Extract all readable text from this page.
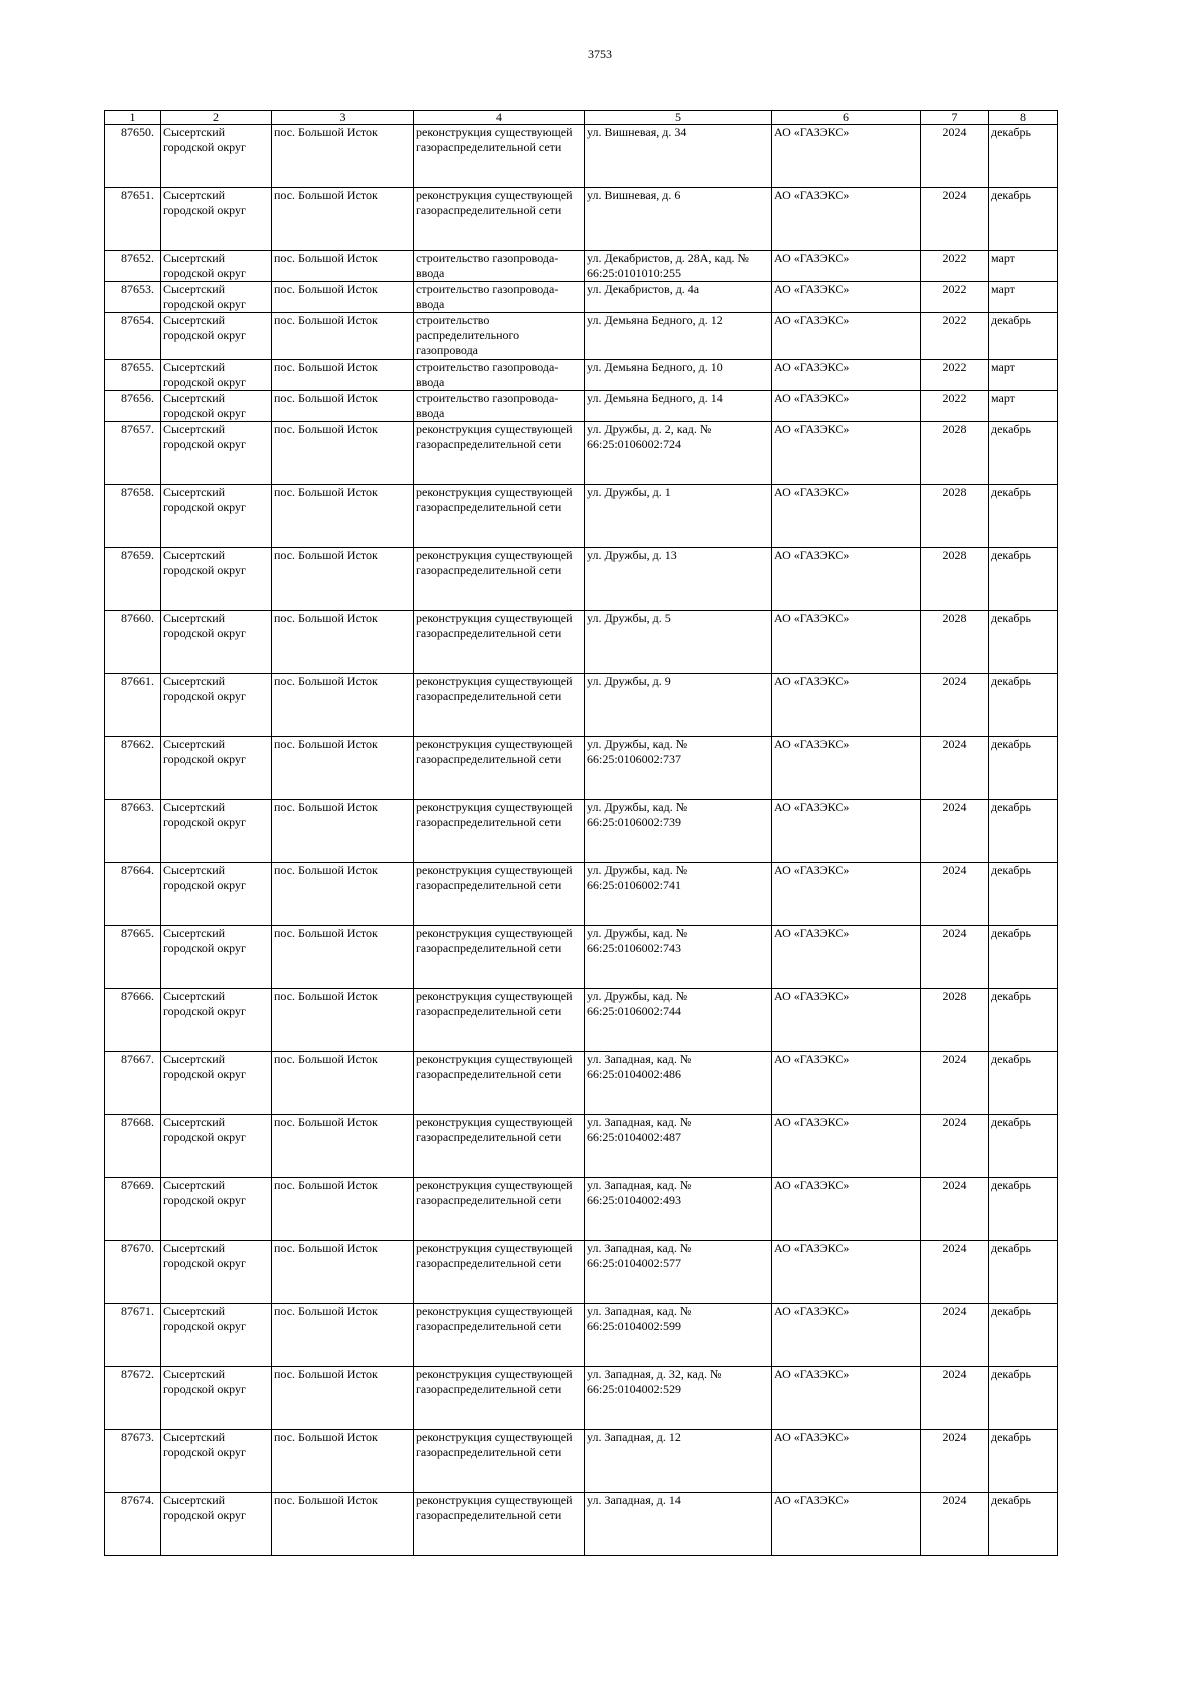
3753
1	2	3	4	5	6	7	8
87650.	Сысертский городской округ	пос. Большой Исток	реконструкция существующей газораспределительной сети	ул. Вишневая, д. 34	АО «ГАЗЭКС»	2024	декабрь
87651.	Сысертский городской округ	пос. Большой Исток	реконструкция существующей газораспределительной сети	ул. Вишневая, д. 6	АО «ГАЗЭКС»	2024	декабрь
87652.	Сысертский городской округ	пос. Большой Исток	строительство газопровода-ввода	ул. Декабристов, д. 28А, кад. № 66:25:0101010:255	АО «ГАЗЭКС»	2022	март
87653.	Сысертский городской округ	пос. Большой Исток	строительство газопровода-ввода	ул. Декабристов, д. 4а	АО «ГАЗЭКС»	2022	март
87654.	Сысертский городской округ	пос. Большой Исток	строительство распределительного газопровода	ул. Демьяна Бедного, д. 12	АО «ГАЗЭКС»	2022	декабрь
87655.	Сысертский городской округ	пос. Большой Исток	строительство газопровода-ввода	ул. Демьяна Бедного, д. 10	АО «ГАЗЭКС»	2022	март
87656.	Сысертский городской округ	пос. Большой Исток	строительство газопровода-ввода	ул. Демьяна Бедного, д. 14	АО «ГАЗЭКС»	2022	март
87657.	Сысертский городской округ	пос. Большой Исток	реконструкция существующей газораспределительной сети	ул. Дружбы, д. 2, кад. № 66:25:0106002:724	АО «ГАЗЭКС»	2028	декабрь
87658.	Сысертский городской округ	пос. Большой Исток	реконструкция существующей газораспределительной сети	ул. Дружбы, д. 1	АО «ГАЗЭКС»	2028	декабрь
87659.	Сысертский городской округ	пос. Большой Исток	реконструкция существующей газораспределительной сети	ул. Дружбы, д. 13	АО «ГАЗЭКС»	2028	декабрь
87660.	Сысертский городской округ	пос. Большой Исток	реконструкция существующей газораспределительной сети	ул. Дружбы, д. 5	АО «ГАЗЭКС»	2028	декабрь
87661.	Сысертский городской округ	пос. Большой Исток	реконструкция существующей газораспределительной сети	ул. Дружбы, д. 9	АО «ГАЗЭКС»	2024	декабрь
87662.	Сысертский городской округ	пос. Большой Исток	реконструкция существующей газораспределительной сети	ул. Дружбы, кад. № 66:25:0106002:737	АО «ГАЗЭКС»	2024	декабрь
87663.	Сысертский городской округ	пос. Большой Исток	реконструкция существующей газораспределительной сети	ул. Дружбы, кад. № 66:25:0106002:739	АО «ГАЗЭКС»	2024	декабрь
87664.	Сысертский городской округ	пос. Большой Исток	реконструкция существующей газораспределительной сети	ул. Дружбы, кад. № 66:25:0106002:741	АО «ГАЗЭКС»	2024	декабрь
87665.	Сысертский городской округ	пос. Большой Исток	реконструкция существующей газораспределительной сети	ул. Дружбы, кад. № 66:25:0106002:743	АО «ГАЗЭКС»	2024	декабрь
87666.	Сысертский городской округ	пос. Большой Исток	реконструкция существующей газораспределительной сети	ул. Дружбы, кад. № 66:25:0106002:744	АО «ГАЗЭКС»	2028	декабрь
87667.	Сысертский городской округ	пос. Большой Исток	реконструкция существующей газораспределительной сети	ул. Западная, кад. № 66:25:0104002:486	АО «ГАЗЭКС»	2024	декабрь
87668.	Сысертский городской округ	пос. Большой Исток	реконструкция существующей газораспределительной сети	ул. Западная, кад. № 66:25:0104002:487	АО «ГАЗЭКС»	2024	декабрь
87669.	Сысертский городской округ	пос. Большой Исток	реконструкция существующей газораспределительной сети	ул. Западная, кад. № 66:25:0104002:493	АО «ГАЗЭКС»	2024	декабрь
87670.	Сысертский городской округ	пос. Большой Исток	реконструкция существующей газораспределительной сети	ул. Западная, кад. № 66:25:0104002:577	АО «ГАЗЭКС»	2024	декабрь
87671.	Сысертский городской округ	пос. Большой Исток	реконструкция существующей газораспределительной сети	ул. Западная, кад. № 66:25:0104002:599	АО «ГАЗЭКС»	2024	декабрь
87672.	Сысертский городской округ	пос. Большой Исток	реконструкция существующей газораспределительной сети	ул. Западная, д. 32, кад. № 66:25:0104002:529	АО «ГАЗЭКС»	2024	декабрь
87673.	Сысертский городской округ	пос. Большой Исток	реконструкция существующей газораспределительной сети	ул. Западная, д. 12	АО «ГАЗЭКС»	2024	декабрь
87674.	Сысертский городской округ	пос. Большой Исток	реконструкция существующей газораспределительной сети	ул. Западная, д. 14	АО «ГАЗЭКС»	2024	декабрь
